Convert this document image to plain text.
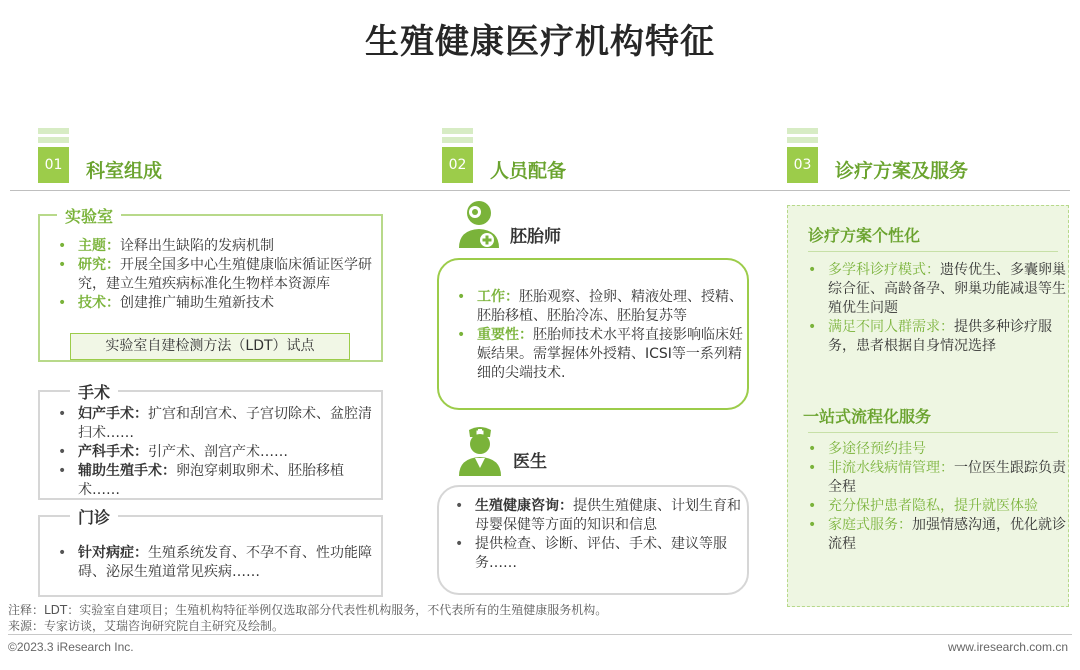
生殖健康医疗机构特征
01	科室组成	02	人员配备	03	诊疗方案及服务
实验室
• 主题：诠释出生缺陷的发病机制
• 研究：开展全国多中心生殖健康临床循证医学研究，建立生殖疾病标准化生物样本资源库
• 技术：创建推广辅助生殖新技术
实验室自建检测方法（LDT）试点
手术
• 妇产手术：扩宫和刮宫术、子宫切除术、盆腔清扫术……
• 产科手术：引产术、剖宫产术……
• 辅助生殖手术：卵泡穿刺取卵术、胚胎移植术……
门诊
• 针对病症：生殖系统发育、不孕不育、性功能障碍、泌尿生殖道常见疾病……
胚胎师
• 工作：胚胎观察、捡卵、精液处理、授精、胚胎移植、胚胎冷冻、胚胎复苏等
• 重要性：胚胎师技术水平将直接影响临床妊娠结果。需掌握体外授精、ICSI等一系列精细的尖端技术.
医生
• 生殖健康咨询：提供生殖健康、计划生育和母婴保健等方面的知识和信息
• 提供检查、诊断、评估、手术、建议等服务……
诊疗方案个性化
• 多学科诊疗模式：遗传优生、多囊卵巢综合征、高龄备孕、卵巢功能减退等生殖优生问题
• 满足不同人群需求：提供多种诊疗服务，患者根据自身情况选择
一站式流程化服务
• 多途径预约挂号
• 非流水线病情管理：一位医生跟踪负责全程
• 充分保护患者隐私，提升就医体验
• 家庭式服务：加强情感沟通，优化就诊流程
注释：LDT：实验室自建项目；生殖机构特征举例仅选取部分代表性机构服务，不代表所有的生殖健康服务机构。
来源：专家访谈，艾瑞咨询研究院自主研究及绘制。
©2023.3 iResearch Inc.	www.iresearch.com.cn
